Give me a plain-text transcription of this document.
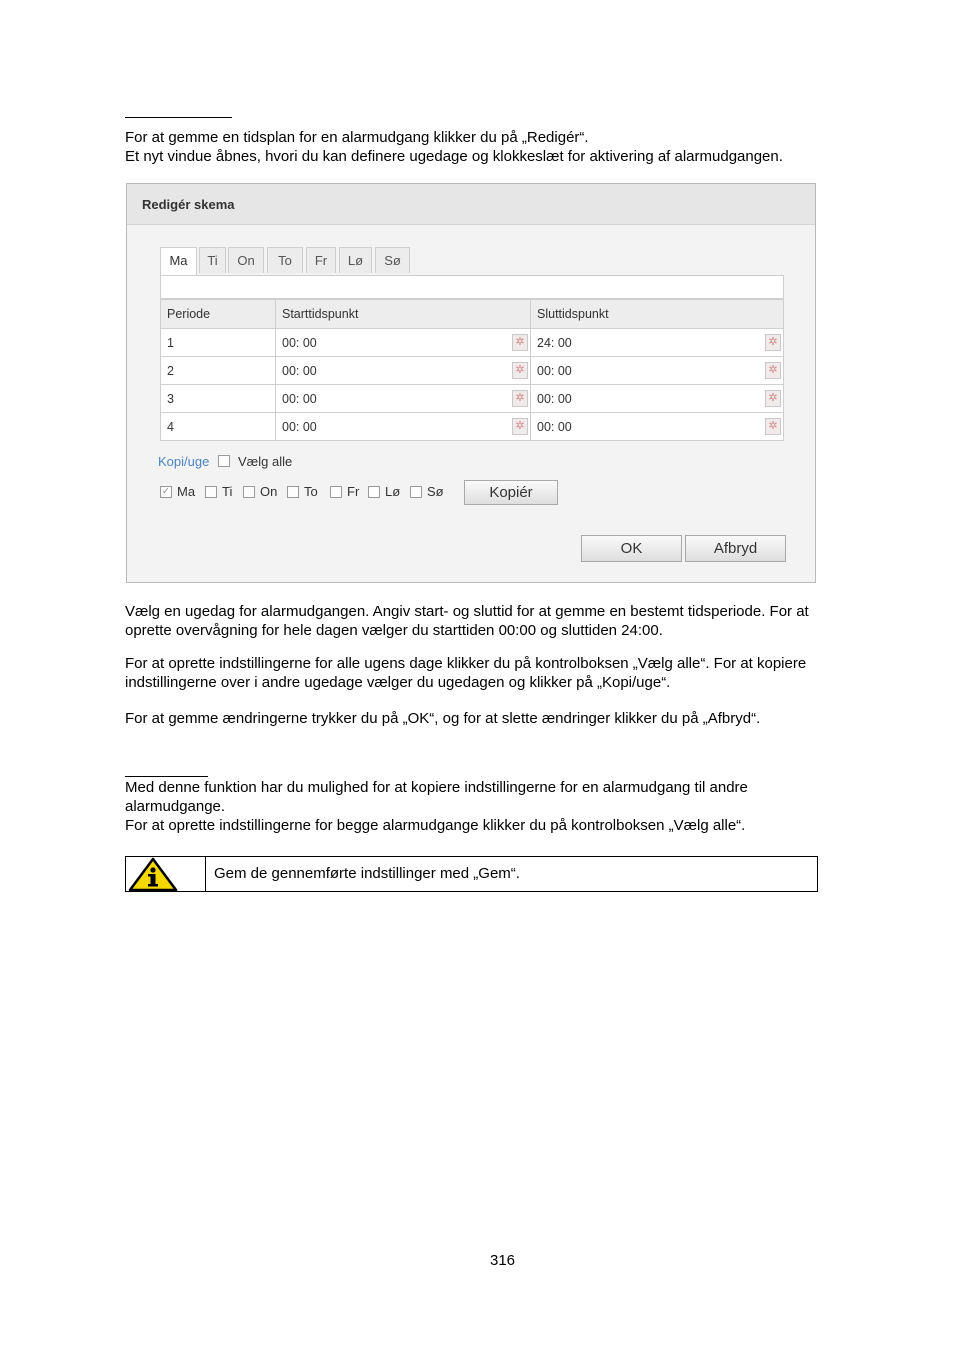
For at gemme en tidsplan for en alarmudgang klikker du på „Redigér“.
Et nyt vindue åbnes, hvori du kan definere ugedage og klokkeslæt for aktivering af alarmudgangen.

Redigér skema
Ma	Ti	On	To	Fr	Lø	Sø
Periode	Starttidspunkt	Sluttidspunkt
1	00: 00 ✲	24: 00 ✲

2	00: 00 ✲	00: 00 ✲

3	00: 00 ✲	00: 00 ✲

4	00: 00 ✲	00: 00 ✲
Kopi/uge Vælg alle
✓ Ma Ti On To Fr Lø Sø	Kopiér
OK	Afbryd

Vælg en ugedag for alarmudgangen. Angiv start- og sluttid for at gemme en bestemt tidsperiode. For at
oprette overvågning for hele dagen vælger du starttiden 00:00 og sluttiden 24:00.

For at oprette indstillingerne for alle ugens dage klikker du på kontrolboksen „Vælg alle“. For at kopiere
indstillingerne over i andre ugedage vælger du ugedagen og klikker på „Kopi/uge“.

For at gemme ændringerne trykker du på „OK“, og for at slette ændringer klikker du på „Afbryd“.

Med denne funktion har du mulighed for at kopiere indstillingerne for en alarmudgang til andre
alarmudgange.
For at oprette indstillingerne for begge alarmudgange klikker du på kontrolboksen „Vælg alle“.

Gem de gennemførte indstillinger med „Gem“.
316
